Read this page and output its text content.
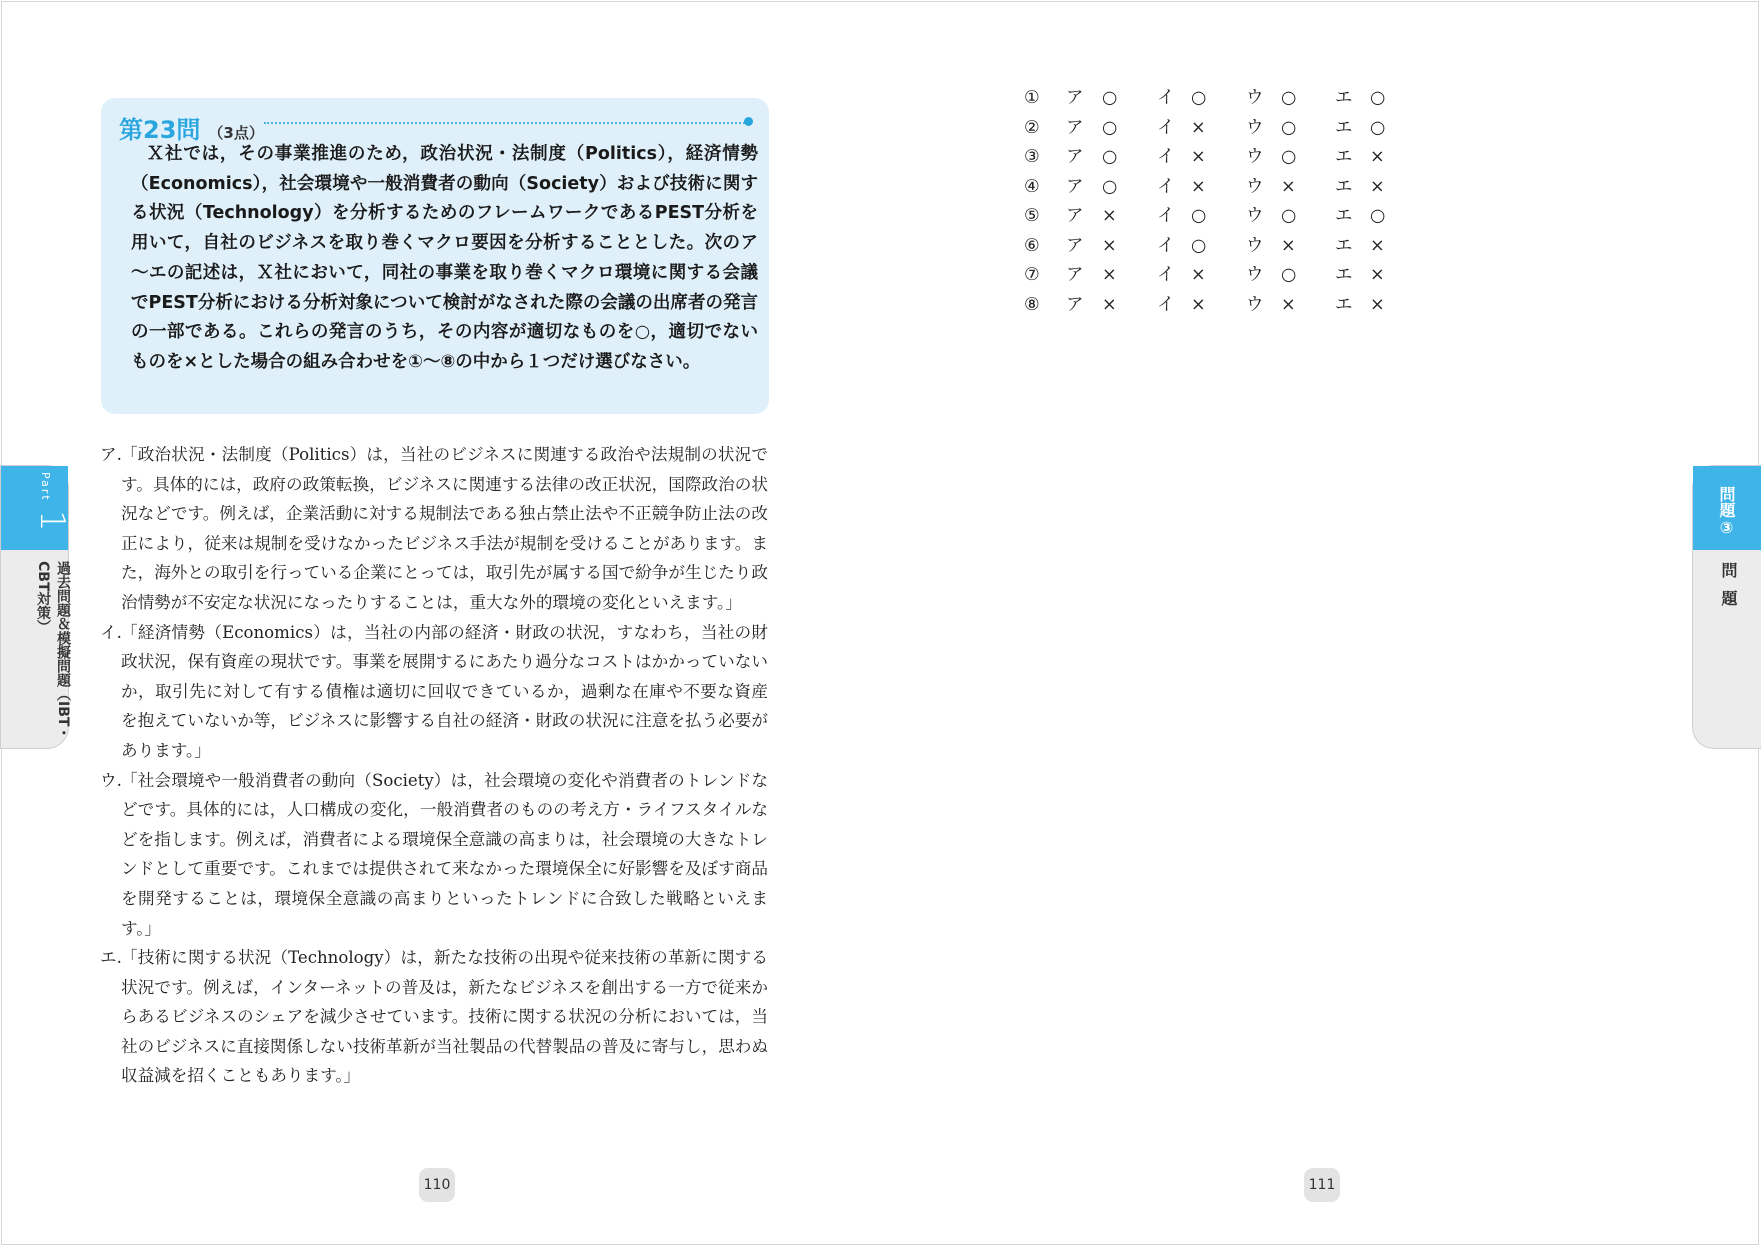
第23問 （3点）

Ｘ社では，その事業推進のため，政治状況・法制度（Politics），経済情勢（Economics），社会環境や一般消費者の動向（Society）および技術に関する状況（Technology）を分析するためのフレームワークであるPEST分析を用いて，自社のビジネスを取り巻くマクロ要因を分析することとした。次のア～エの記述は，Ｘ社において，同社の事業を取り巻くマクロ環境に関する会議でPEST分析における分析対象について検討がなされた際の会議の出席者の発言の一部である。これらの発言のうち，その内容が適切なものを○，適切でないものを×とした場合の組み合わせを①～⑧の中から１つだけ選びなさい。

ア. 「政治状況・法制度（Politics）は，当社のビジネスに関連する政治や法規制の状況です。具体的には，政府の政策転換，ビジネスに関連する法律の改正状況，国際政治の状況などです。例えば，企業活動に対する規制法である独占禁止法や不正競争防止法の改正により，従来は規制を受けなかったビジネス手法が規制を受けることがあります。また，海外との取引を行っている企業にとっては，取引先が属する国で紛争が生じたり政治情勢が不安定な状況になったりすることは，重大な外的環境の変化といえます。」
イ. 「経済情勢（Economics）は，当社の内部の経済・財政の状況，すなわち，当社の財政状況，保有資産の現状です。事業を展開するにあたり過分なコストはかかっていないか，取引先に対して有する債権は適切に回収できているか，過剰な在庫や不要な資産を抱えていないか等，ビジネスに影響する自社の経済・財政の状況に注意を払う必要があります。」
ウ. 「社会環境や一般消費者の動向（Society）は，社会環境の変化や消費者のトレンドなどです。具体的には，人口構成の変化，一般消費者のものの考え方・ライフスタイルなどを指します。例えば，消費者による環境保全意識の高まりは，社会環境の大きなトレンドとして重要です。これまでは提供されて来なかった環境保全に好影響を及ぼす商品を開発することは，環境保全意識の高まりといったトレンドに合致した戦略といえます。」
エ. 「技術に関する状況（Technology）は，新たな技術の出現や従来技術の革新に関する状況です。例えば，インターネットの普及は，新たなビジネスを創出する一方で従来からあるビジネスのシェアを減少させています。技術に関する状況の分析においては，当社のビジネスに直接関係しない技術革新が当社製品の代替製品の普及に寄与し，思わぬ収益減を招くこともあります。」
Part
1
過去問題＆模擬問題（IBT・CBT対策）
問題③
問題
① ア ○ イ ○ ウ ○ エ ○
② ア ○ イ × ウ ○ エ ○
③ ア ○ イ × ウ ○ エ ×
④ ア ○ イ × ウ × エ ×
⑤ ア × イ ○ ウ ○ エ ○
⑥ ア × イ ○ ウ × エ ×
⑦ ア × イ × ウ ○ エ ×
⑧ ア × イ × ウ × エ ×
110	111
